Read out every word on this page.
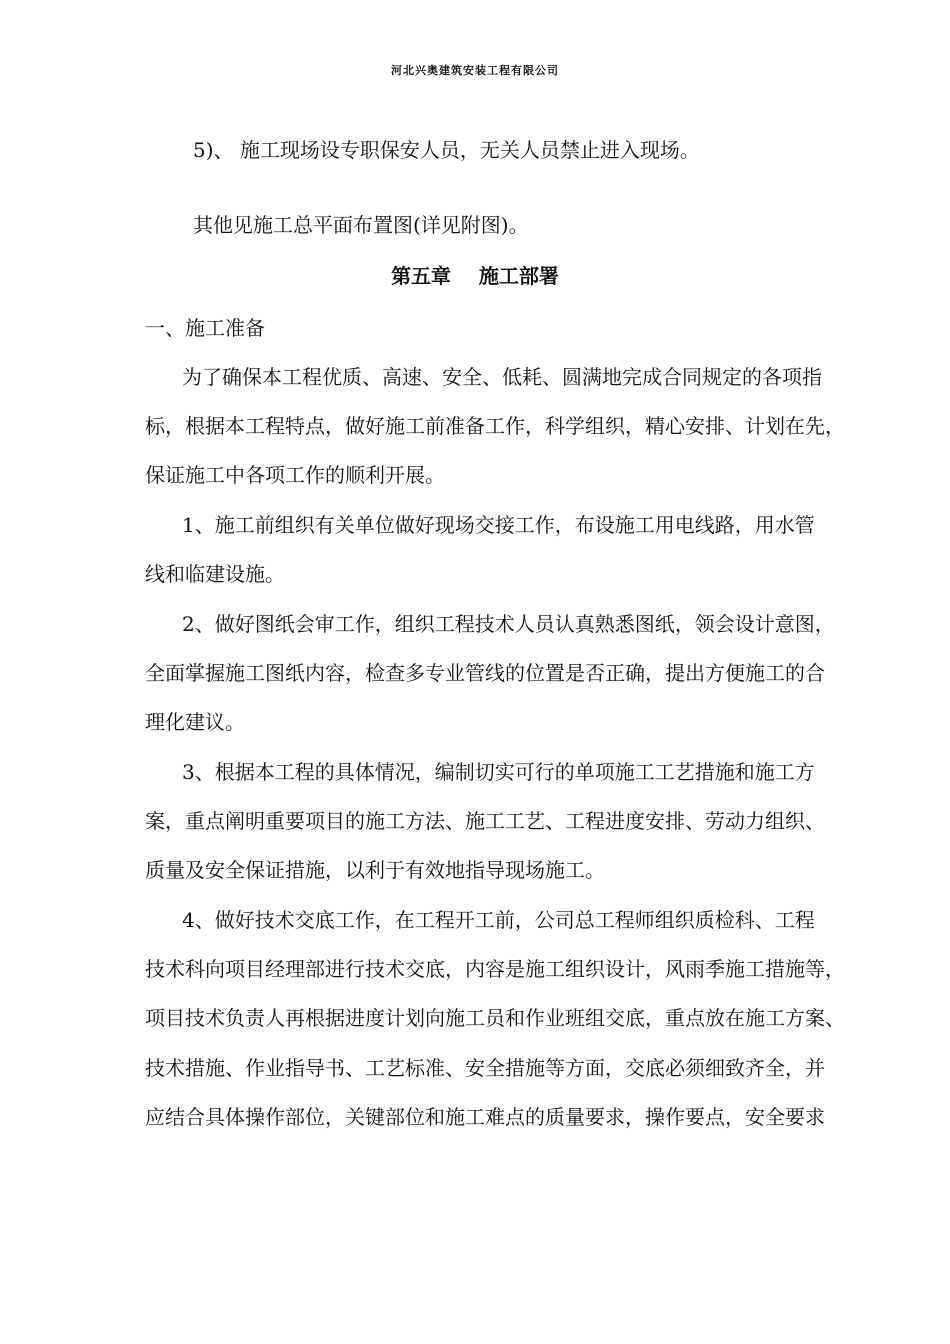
河北兴奥建筑安装工程有限公司
5)、 施工现场设专职保安人员，无关人员禁止进入现场。
其他见施工总平面布置图(详见附图)。
第五章    施工部署
一、施工准备
为了确保本工程优质、高速、安全、低耗、圆满地完成合同规定的各项指
标，根据本工程特点，做好施工前准备工作，科学组织，精心安排、计划在先，
保证施工中各项工作的顺利开展。
1、施工前组织有关单位做好现场交接工作，布设施工用电线路，用水管
线和临建设施。
2、做好图纸会审工作，组织工程技术人员认真熟悉图纸，领会设计意图，
全面掌握施工图纸内容，检查多专业管线的位置是否正确，提出方便施工的合
理化建议。
3、根据本工程的具体情况，编制切实可行的单项施工工艺措施和施工方
案，重点阐明重要项目的施工方法、施工工艺、工程进度安排、劳动力组织、
质量及安全保证措施，以利于有效地指导现场施工。
4、做好技术交底工作，在工程开工前，公司总工程师组织质检科、工程
技术科向项目经理部进行技术交底，内容是施工组织设计，风雨季施工措施等，
项目技术负责人再根据进度计划向施工员和作业班组交底，重点放在施工方案、
技术措施、作业指导书、工艺标准、安全措施等方面，交底必须细致齐全，并
应结合具体操作部位，关键部位和施工难点的质量要求，操作要点，安全要求
